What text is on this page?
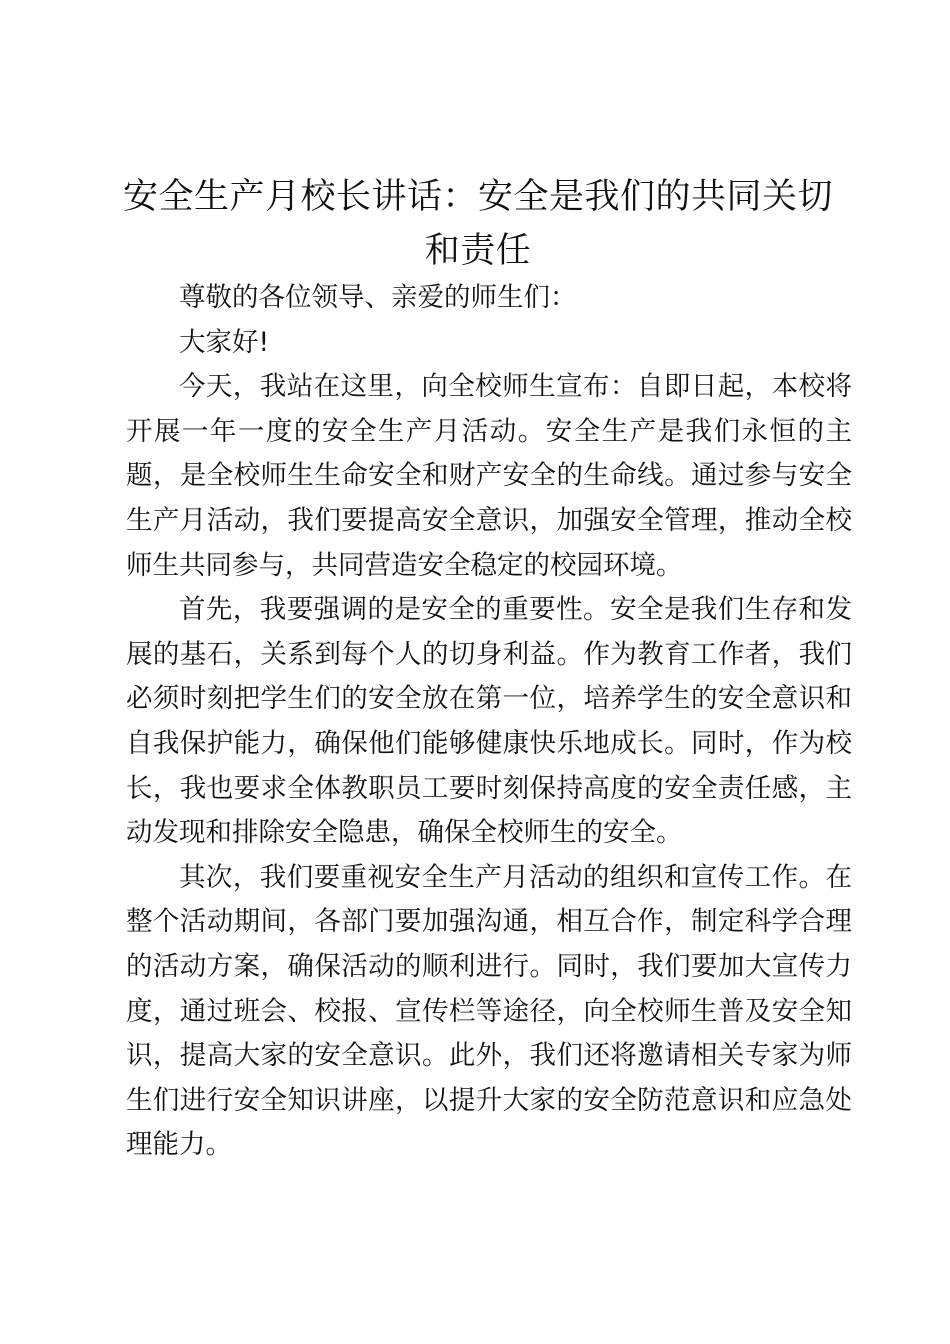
安全生产月校长讲话：安全是我们的共同关切和责任

尊敬的各位领导、亲爱的师生们：

大家好!

今天，我站在这里，向全校师生宣布：自即日起，本校将开展一年一度的安全生产月活动。安全生产是我们永恒的主题，是全校师生生命安全和财产安全的生命线。通过参与安全生产月活动，我们要提高安全意识，加强安全管理，推动全校师生共同参与，共同营造安全稳定的校园环境。

首先，我要强调的是安全的重要性。安全是我们生存和发展的基石，关系到每个人的切身利益。作为教育工作者，我们必须时刻把学生们的安全放在第一位，培养学生的安全意识和自我保护能力，确保他们能够健康快乐地成长。同时，作为校长，我也要求全体教职员工要时刻保持高度的安全责任感，主动发现和排除安全隐患，确保全校师生的安全。

其次，我们要重视安全生产月活动的组织和宣传工作。在整个活动期间，各部门要加强沟通，相互合作，制定科学合理的活动方案，确保活动的顺利进行。同时，我们要加大宣传力度，通过班会、校报、宣传栏等途径，向全校师生普及安全知识，提高大家的安全意识。此外，我们还将邀请相关专家为师生们进行安全知识讲座，以提升大家的安全防范意识和应急处理能力。
